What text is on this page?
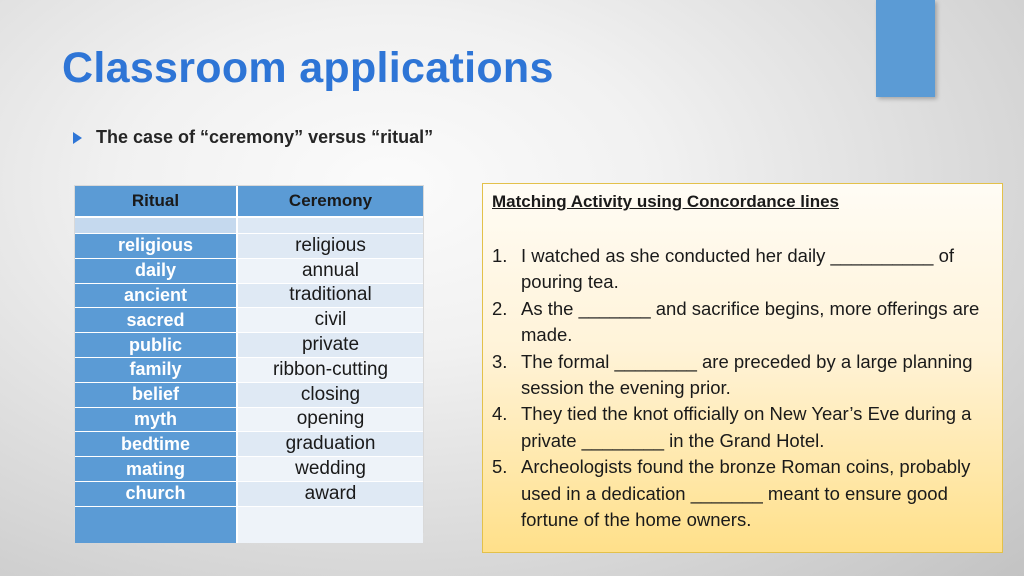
Classroom applications
The case of “ceremony” versus “ritual”
Ritual	Ceremony
religious	religious
daily	annual
ancient	traditional
sacred	civil
public	private
family	ribbon-cutting
belief	closing
myth	opening
bedtime	graduation
mating	wedding
church	award
Matching Activity using Concordance lines
1. I watched as she conducted her daily __________ of pouring tea.
2. As the _______ and sacrifice begins, more offerings are made.
3. The formal ________ are preceded by a large planning session the evening prior.
4. They tied the knot officially on New Year’s Eve during a private ________ in the Grand Hotel.
5. Archeologists found the bronze Roman coins, probably used in a dedication _______ meant to ensure good fortune of the home owners.
